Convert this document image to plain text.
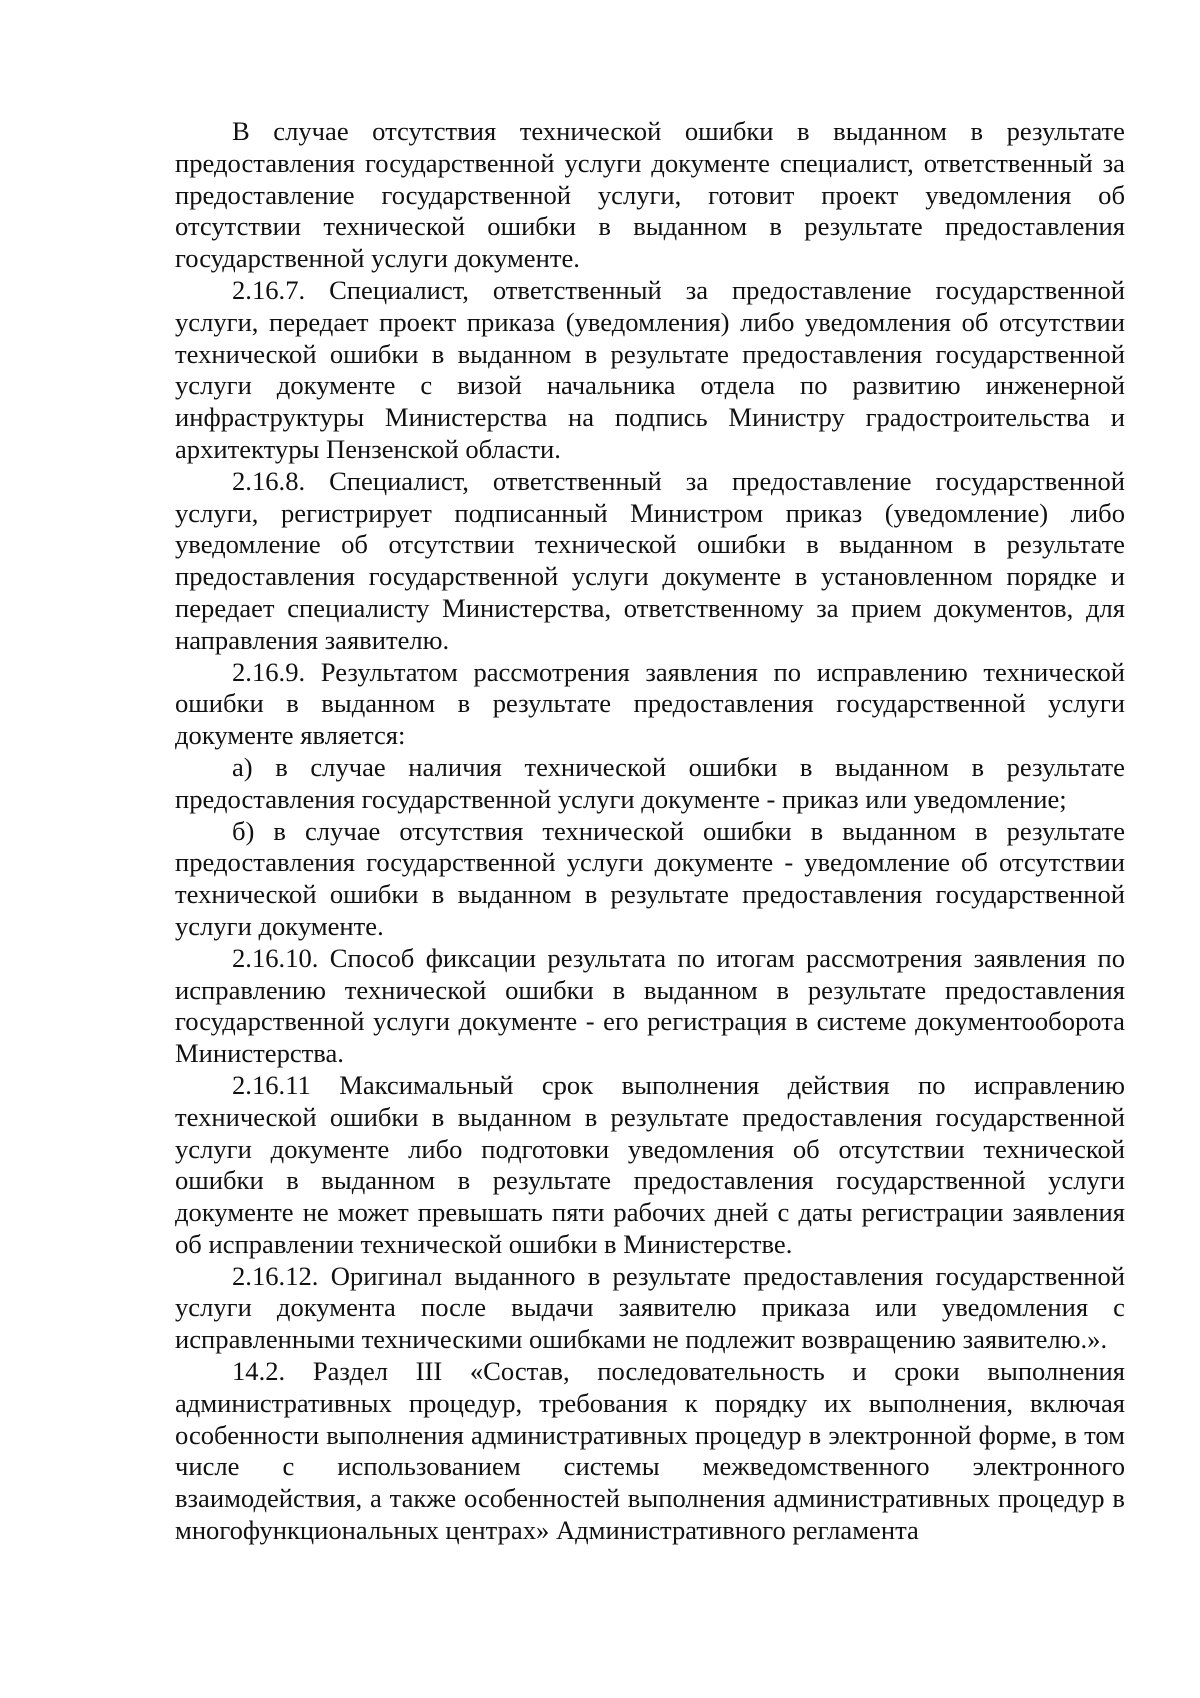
В случае отсутствия технической ошибки в выданном в результате предоставления государственной услуги документе специалист, ответственный за предоставление государственной услуги, готовит проект уведомления об отсутствии технической ошибки в выданном в результате предоставления государственной услуги документе.

2.16.7. Специалист, ответственный за предоставление государственной услуги, передает проект приказа (уведомления) либо уведомления об отсутствии технической ошибки в выданном в результате предоставления государственной услуги документе с визой начальника отдела по развитию инженерной инфраструктуры Министерства на подпись Министру градостроительства и архитектуры Пензенской области.

2.16.8. Специалист, ответственный за предоставление государственной услуги, регистрирует подписанный Министром приказ (уведомление) либо уведомление об отсутствии технической ошибки в выданном в результате предоставления государственной услуги документе в установленном порядке и передает специалисту Министерства, ответственному за прием документов, для направления заявителю.

2.16.9. Результатом рассмотрения заявления по исправлению технической ошибки в выданном в результате предоставления государственной услуги документе является:

а) в случае наличия технической ошибки в выданном в результате предоставления государственной услуги документе - приказ или уведомление;

б) в случае отсутствия технической ошибки в выданном в результате предоставления государственной услуги документе - уведомление об отсутствии технической ошибки в выданном в результате предоставления государственной услуги документе.

2.16.10. Способ фиксации результата по итогам рассмотрения заявления по исправлению технической ошибки в выданном в результате предоставления государственной услуги документе - его регистрация в системе документооборота Министерства.

2.16.11 Максимальный срок выполнения действия по исправлению технической ошибки в выданном в результате предоставления государственной услуги документе либо подготовки уведомления об отсутствии технической ошибки в выданном в результате предоставления государственной услуги документе не может превышать пяти рабочих дней с даты регистрации заявления об исправлении технической ошибки в Министерстве.

2.16.12. Оригинал выданного в результате предоставления государственной услуги документа после выдачи заявителю приказа или уведомления с исправленными техническими ошибками не подлежит возвращению заявителю.».

14.2. Раздел III «Состав, последовательность и сроки выполнения административных процедур, требования к порядку их выполнения, включая особенности выполнения административных процедур в электронной форме, в том числе с использованием системы межведомственного электронного взаимодействия, а также особенностей выполнения административных процедур в многофункциональных центрах» Административного регламента
